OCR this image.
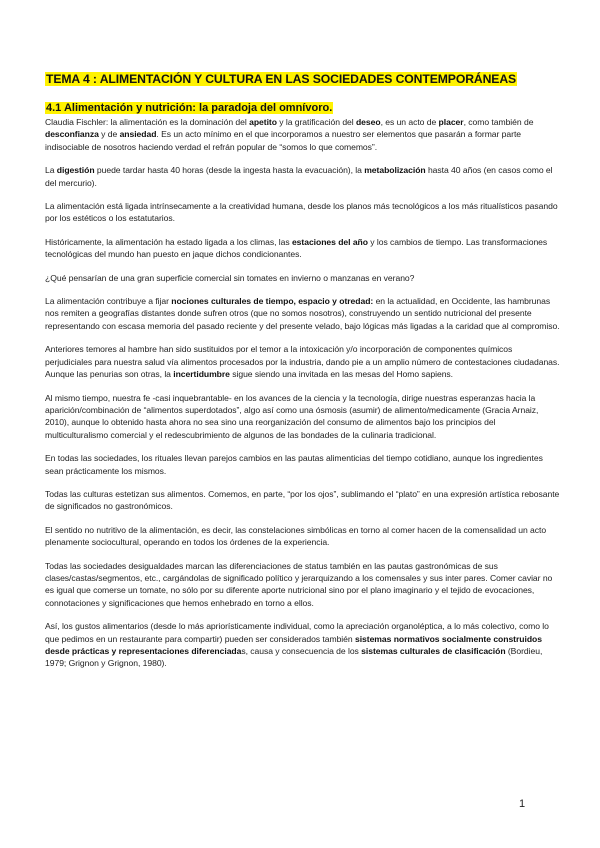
TEMA 4 : ALIMENTACIÓN Y CULTURA EN LAS SOCIEDADES CONTEMPORÁNEAS
4.1 Alimentación y nutrición: la paradoja del omnívoro.

Claudia Fischler: la alimentación es la dominación del apetito y la gratificación del deseo, es un acto de placer, como también de desconfianza y de ansiedad. Es un acto mínimo en el que incorporamos a nuestro ser elementos que pasarán a formar parte indisociable de nosotros haciendo verdad el refrán popular de “somos lo que comemos”.

La digestión puede tardar hasta 40 horas (desde la ingesta hasta la evacuación), la metabolización hasta 40 años (en casos como el del mercurio).

La alimentación está ligada intrínsecamente a la creatividad humana, desde los planos más tecnológicos a los más ritualísticos pasando por los estéticos o los estatutarios.

Históricamente, la alimentación ha estado ligada a los climas, las estaciones del año y los cambios de tiempo. Las transformaciones tecnológicas del mundo han puesto en jaque dichos condicionantes.

¿Qué pensarían de una gran superficie comercial sin tomates en invierno o manzanas en verano?

La alimentación contribuye a fijar nociones culturales de tiempo, espacio y otredad: en la actualidad, en Occidente, las hambrunas nos remiten a geografías distantes donde sufren otros (que no somos nosotros), construyendo un sentido nutricional del presente representando con escasa memoria del pasado reciente y del presente velado, bajo lógicas más ligadas a la caridad que al compromiso.

Anteriores temores al hambre han sido sustituidos por el temor a la intoxicación y/o incorporación de componentes químicos perjudiciales para nuestra salud vía alimentos procesados por la industria, dando pie a un amplio número de contestaciones ciudadanas. Aunque las penurias son otras, la incertidumbre sigue siendo una invitada en las mesas del Homo sapiens.

Al mismo tiempo, nuestra fe -casi inquebrantable- en los avances de la ciencia y la tecnología, dirige nuestras esperanzas hacia la aparición/combinación de “alimentos superdotados”, algo así como una ósmosis (asumir) de alimento/medicamente (Gracia Arnaiz, 2010), aunque lo obtenido hasta ahora no sea sino una reorganización del consumo de alimentos bajo los principios del multiculturalismo comercial y el redescubrimiento de algunos de las bondades de la culinaria tradicional.

En todas las sociedades, los rituales llevan parejos cambios en las pautas alimenticias del tiempo cotidiano, aunque los ingredientes sean prácticamente los mismos.

Todas las culturas estetizan sus alimentos. Comemos, en parte, “por los ojos”, sublimando el “plato” en una expresión artística rebosante de significados no gastronómicos.

El sentido no nutritivo de la alimentación, es decir, las constelaciones simbólicas en torno al comer hacen de la comensalidad un acto plenamente sociocultural, operando en todos los órdenes de la experiencia.

Todas las sociedades desigualdades marcan las diferenciaciones de status también en las pautas gastronómicas de sus clases/castas/segmentos, etc., cargándolas de significado político y jerarquizando a los comensales y sus inter pares. Comer caviar no es igual que comerse un tomate, no sólo por su diferente aporte nutricional sino por el plano imaginario y el tejido de evocaciones, connotaciones y significaciones que hemos enhebrado en torno a ellos.

Así, los gustos alimentarios (desde lo más apriorísticamente individual, como la apreciación organoléptica, a lo más colectivo, como lo que pedimos en un restaurante para compartir) pueden ser considerados también sistemas normativos socialmente construidos desde prácticas y representaciones diferenciadas, causa y consecuencia de los sistemas culturales de clasificación (Bordieu, 1979; Grignon y Grignon, 1980).

1
